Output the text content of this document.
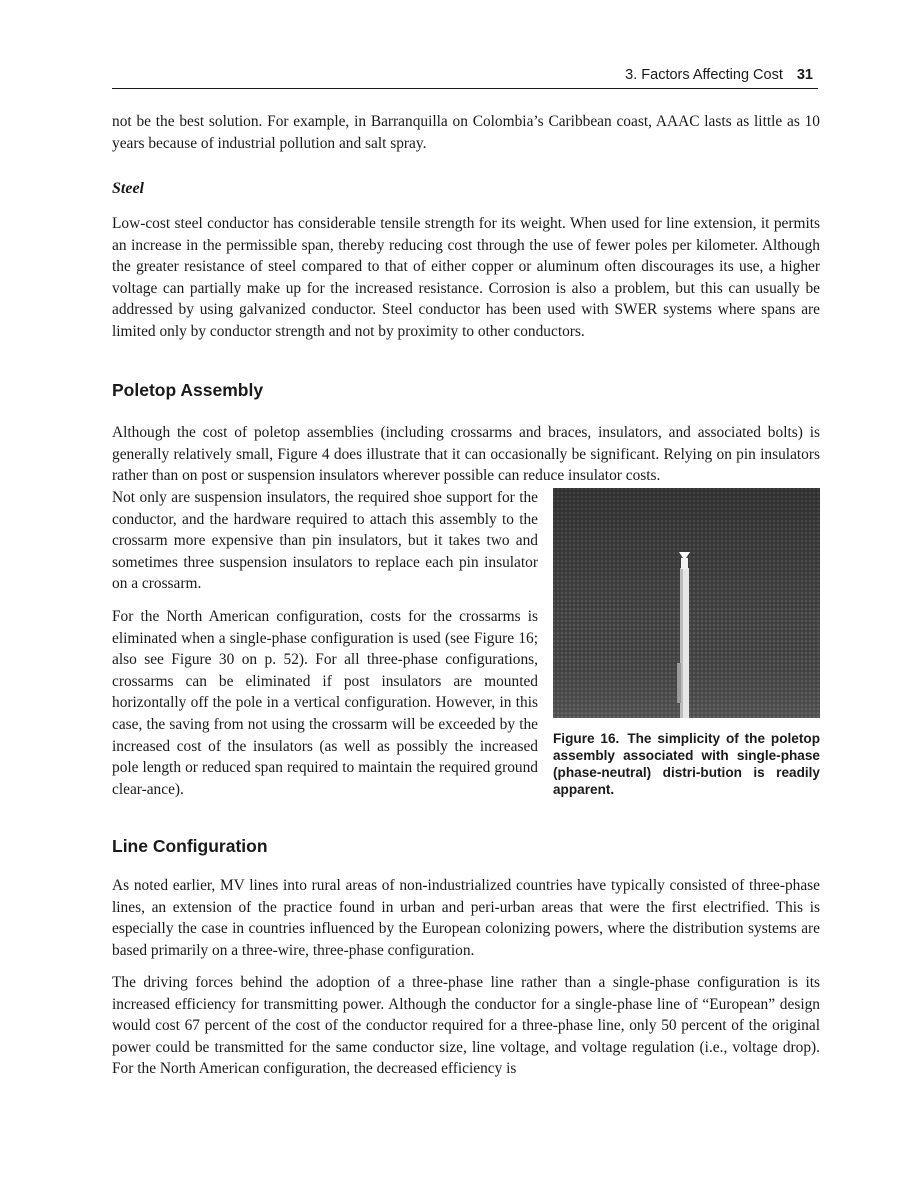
3. Factors Affecting Cost 31

not be the best solution. For example, in Barranquilla on Colombia’s Caribbean coast, AAAC lasts as little as 10 years because of industrial pollution and salt spray.

Steel

Low-cost steel conductor has considerable tensile strength for its weight. When used for line extension, it permits an increase in the permissible span, thereby reducing cost through the use of fewer poles per kilometer. Although the greater resistance of steel compared to that of either copper or aluminum often discourages its use, a higher voltage can partially make up for the increased resistance. Corrosion is also a problem, but this can usually be addressed by using galvanized conductor. Steel conductor has been used with SWER systems where spans are limited only by conductor strength and not by proximity to other conductors.

Poletop Assembly

Although the cost of poletop assemblies (including crossarms and braces, insulators, and associated bolts) is generally relatively small, Figure 4 does illustrate that it can occasionally be significant. Relying on pin insulators rather than on post or suspension insulators wherever possible can reduce insulator costs.

Not only are suspension insulators, the required shoe support for the conductor, and the hardware required to attach this assembly to the crossarm more expensive than pin insulators, but it takes two and sometimes three suspension insulators to replace each pin insulator on a crossarm.

For the North American configuration, costs for the crossarms is eliminated when a single-phase configuration is used (see Figure 16; also see Figure 30 on p. 52). For all three-phase configurations, crossarms can be eliminated if post insulators are mounted horizontally off the pole in a vertical configuration. However, in this case, the saving from not using the crossarm will be exceeded by the increased cost of the insulators (as well as possibly the increased pole length or reduced span required to maintain the required ground clear-ance).

Figure 16. The simplicity of the poletop assembly associated with single-phase (phase-neutral) distri-bution is readily apparent.

Line Configuration

As noted earlier, MV lines into rural areas of non-industrialized countries have typically consisted of three-phase lines, an extension of the practice found in urban and peri-urban areas that were the first electrified. This is especially the case in countries influenced by the European colonizing powers, where the distribution systems are based primarily on a three-wire, three-phase configuration.

The driving forces behind the adoption of a three-phase line rather than a single-phase configuration is its increased efficiency for transmitting power. Although the conductor for a single-phase line of “European” design would cost 67 percent of the cost of the conductor required for a three-phase line, only 50 percent of the original power could be transmitted for the same conductor size, line voltage, and voltage regulation (i.e., voltage drop). For the North American configuration, the decreased efficiency is
